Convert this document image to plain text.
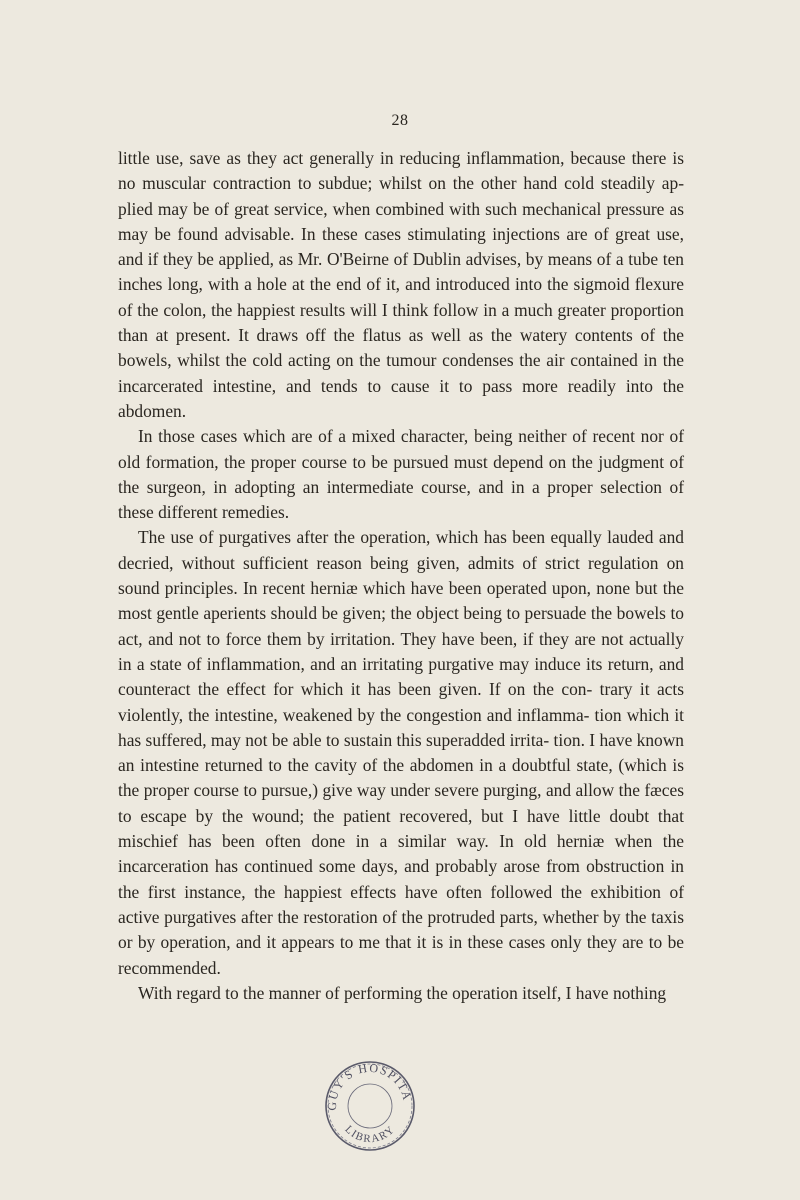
28

little use, save as they act generally in reducing inflammation, because there is no muscular contraction to subdue; whilst on the other hand cold steadily ap- plied may be of great service, when combined with such mechanical pressure as may be found advisable. In these cases stimulating injections are of great use, and if they be applied, as Mr. O'Beirne of Dublin advises, by means of a tube ten inches long, with a hole at the end of it, and introduced into the sigmoid flexure of the colon, the happiest results will I think follow in a much greater proportion than at present. It draws off the flatus as well as the watery contents of the bowels, whilst the cold acting on the tumour condenses the air contained in the incarcerated intestine, and tends to cause it to pass more readily into the abdomen.

In those cases which are of a mixed character, being neither of recent nor of old formation, the proper course to be pursued must depend on the judgment of the surgeon, in adopting an intermediate course, and in a proper selection of these different remedies.

The use of purgatives after the operation, which has been equally lauded and decried, without sufficient reason being given, admits of strict regulation on sound principles. In recent herniæ which have been operated upon, none but the most gentle aperients should be given; the object being to persuade the bowels to act, and not to force them by irritation. They have been, if they are not actually in a state of inflammation, and an irritating purgative may induce its return, and counteract the effect for which it has been given. If on the con- trary it acts violently, the intestine, weakened by the congestion and inflamma- tion which it has suffered, may not be able to sustain this superadded irrita- tion. I have known an intestine returned to the cavity of the abdomen in a doubtful state, (which is the proper course to pursue,) give way under severe purging, and allow the fæces to escape by the wound; the patient recovered, but I have little doubt that mischief has been often done in a similar way. In old herniæ when the incarceration has continued some days, and probably arose from obstruction in the first instance, the happiest effects have often followed the exhibition of active purgatives after the restoration of the protruded parts, whether by the taxis or by operation, and it appears to me that it is in these cases only they are to be recommended.

With regard to the manner of performing the operation itself, I have nothing

GUY'S HOSPITA
LIBRARY
